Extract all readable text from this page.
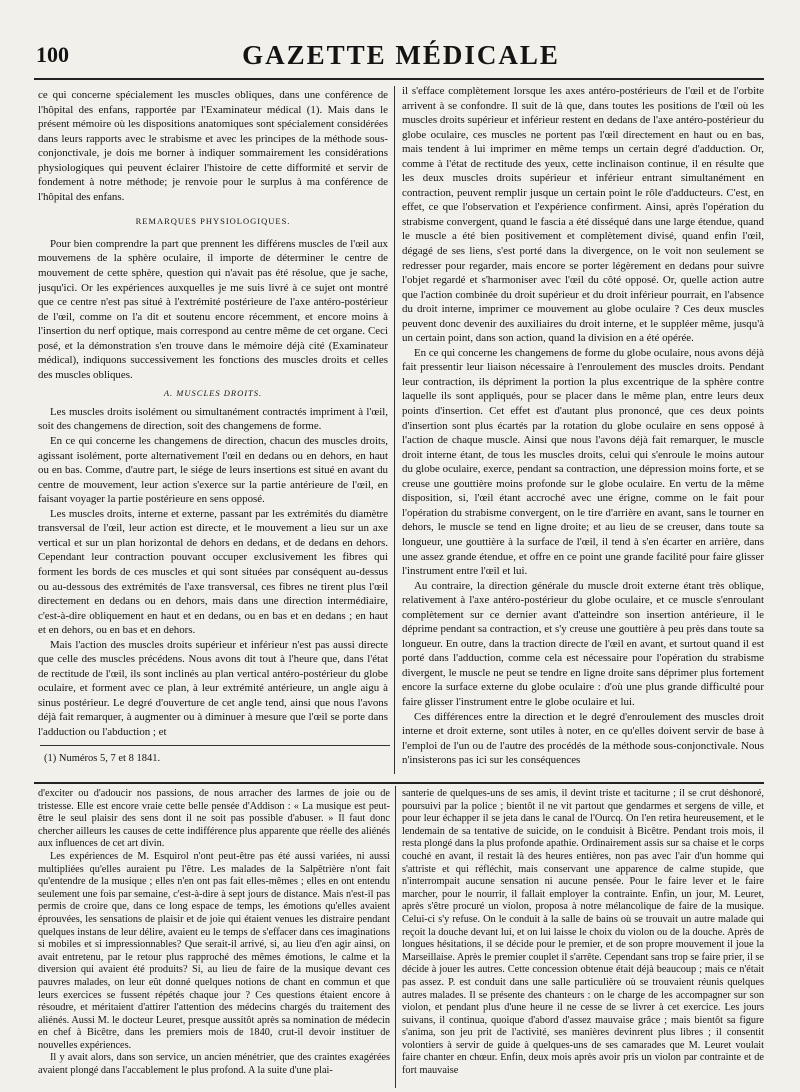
100	GAZETTE MÉDICALE

ce qui concerne spécialement les muscles obliques, dans une conférence de l'hôpital des enfans, rapportée par l'Examinateur médical (1). Mais dans le présent mémoire où les dispositions anatomiques sont spécialement considérées dans leurs rapports avec le strabisme et avec les principes de la méthode sous-conjonctivale, je dois me borner à indiquer sommairement les considérations physiologiques qui peuvent éclairer l'histoire de cette difformité et servir de fondement à notre méthode; je renvoie pour le surplus à ma conférence de l'hôpital des enfans.

REMARQUES PHYSIOLOGIQUES.

Pour bien comprendre la part que prennent les différens muscles de l'œil aux mouvemens de la sphère oculaire, il importe de déterminer le centre de mouvement de cette sphère, question qui n'avait pas été résolue, que je sache, jusqu'ici. Or les expériences auxquelles je me suis livré à ce sujet ont montré que ce centre n'est pas situé à l'extrémité postérieure de l'axe antéro-postérieur de l'œil, comme on l'a dit et soutenu encore récemment, et encore moins à l'insertion du nerf optique, mais correspond au centre même de cet organe. Ceci posé, et la démonstration s'en trouve dans le mémoire déjà cité (Examinateur médical), indiquons successivement les fonctions des muscles droits et celles des muscles obliques.

A. MUSCLES DROITS.

Les muscles droits isolément ou simultanément contractés impriment à l'œil, soit des changemens de direction, soit des changemens de forme.

En ce qui concerne les changemens de direction, chacun des muscles droits, agissant isolément, porte alternativement l'œil en dedans ou en dehors, en haut ou en bas. Comme, d'autre part, le siége de leurs insertions est situé en avant du centre de mouvement, leur action s'exerce sur la partie antérieure de l'œil, en faisant voyager la partie postérieure en sens opposé.

Les muscles droits, interne et externe, passant par les extrémités du diamètre transversal de l'œil, leur action est directe, et le mouvement a lieu sur un axe vertical et sur un plan horizontal de dehors en dedans, et de dedans en dehors. Cependant leur contraction pouvant occuper exclusivement les fibres qui forment les bords de ces muscles et qui sont situées par conséquent au-dessus ou au-dessous des extrémités de l'axe transversal, ces fibres ne tirent plus l'œil directement en dedans ou en dehors, mais dans une direction intermédiaire, c'est-à-dire obliquement en haut et en dedans, ou en bas et en dedans ; en haut et en dehors, ou en bas et en dehors.

Mais l'action des muscles droits supérieur et inférieur n'est pas aussi directe que celle des muscles précédens. Nous avons dit tout à l'heure que, dans l'état de rectitude de l'œil, ils sont inclinés au plan vertical antéro-postérieur du globe oculaire, et forment avec ce plan, à leur extrémité antérieure, un angle aigu à sinus postérieur. Le degré d'ouverture de cet angle tend, ainsi que nous l'avons déjà fait remarquer, à augmenter ou à diminuer à mesure que l'œil se porte dans l'adduction ou l'abduction ; et

il s'efface complètement lorsque les axes antéro-postérieurs de l'œil et de l'orbite arrivent à se confondre. Il suit de là que, dans toutes les positions de l'œil où les muscles droits supérieur et inférieur restent en dedans de l'axe antéro-postérieur du globe oculaire, ces muscles ne portent pas l'œil directement en haut ou en bas, mais tendent à lui imprimer en même temps un certain degré d'adduction. Or, comme à l'état de rectitude des yeux, cette inclinaison continue, il en résulte que les deux muscles droits supérieur et inférieur entrant simultanément en contraction, peuvent remplir jusque un certain point le rôle d'adducteurs. C'est, en effet, ce que l'observation et l'expérience confirment. Ainsi, après l'opération du strabisme convergent, quand le fascia a été disséqué dans une large étendue, quand le muscle a été bien positivement et complètement divisé, quand enfin l'œil, dégagé de ses liens, s'est porté dans la divergence, on le voit non seulement se redresser pour regarder, mais encore se porter légèrement en dedans pour suivre l'objet regardé et s'harmoniser avec l'œil du côté opposé. Or, quelle action autre que l'action combinée du droit supérieur et du droit inférieur pourrait, en l'absence du droit interne, imprimer ce mouvement au globe oculaire ? Ces deux muscles peuvent donc devenir des auxiliaires du droit interne, et le suppléer même, jusqu'à un certain point, dans son action, quand la division en a été opérée.

En ce qui concerne les changemens de forme du globe oculaire, nous avons déjà fait pressentir leur liaison nécessaire à l'enroulement des muscles droits. Pendant leur contraction, ils dépriment la portion la plus excentrique de la sphère contre laquelle ils sont appliqués, pour se placer dans le même plan, entre leurs deux points d'insertion. Cet effet est d'autant plus prononcé, que ces deux points d'insertion sont plus écartés par la rotation du globe oculaire en sens opposé à l'action de chaque muscle. Ainsi que nous l'avons déjà fait remarquer, le muscle droit interne étant, de tous les muscles droits, celui qui s'enroule le moins autour du globe oculaire, exerce, pendant sa contraction, une dépression moins forte, et se creuse une gouttière moins profonde sur le globe oculaire. En vertu de la même disposition, si, l'œil étant accroché avec une érigne, comme on le fait pour l'opération du strabisme convergent, on le tire d'arrière en avant, sans le tourner en dehors, le muscle se tend en ligne droite; et au lieu de se creuser, dans toute sa longueur, une gouttière à la surface de l'œil, il tend à s'en écarter en arrière, dans une assez grande étendue, et offre en ce point une grande facilité pour faire glisser l'instrument entre l'œil et lui.

Au contraire, la direction générale du muscle droit externe étant très oblique, relativement à l'axe antéro-postérieur du globe oculaire, et ce muscle s'enroulant complètement sur ce dernier avant d'atteindre son insertion antérieure, il le déprime pendant sa contraction, et s'y creuse une gouttière à peu près dans toute sa longueur. En outre, dans la traction directe de l'œil en avant, et surtout quand il est porté dans l'adduction, comme cela est nécessaire pour l'opération du strabisme divergent, le muscle ne peut se tendre en ligne droite sans déprimer plus fortement encore la surface externe du globe oculaire : d'où une plus grande difficulté pour faire glisser l'instrument entre le globe oculaire et lui.

Ces différences entre la direction et le degré d'enroulement des muscles droit interne et droit externe, sont utiles à noter, en ce qu'elles doivent servir de base à l'emploi de l'un ou de l'autre des procédés de la méthode sous-conjonctivale. Nous n'insisterons pas ici sur les conséquences

(1) Numéros 5, 7 et 8 1841.

d'exciter ou d'adoucir nos passions, de nous arracher des larmes de joie ou de tristesse. Elle est encore vraie cette belle pensée d'Addison : « La musique est peut-être le seul plaisir des sens dont il ne soit pas possible d'abuser. » Il faut donc chercher ailleurs les causes de cette indifférence plus apparente que réelle des aliénés aux influences de cet art divin.

Les expériences de M. Esquirol n'ont peut-être pas été aussi variées, ni aussi multipliées qu'elles auraient pu l'être. Les malades de la Salpêtrière n'ont fait qu'entendre de la musique ; elles n'en ont pas fait elles-mêmes ; elles en ont entendu seulement une fois par semaine, c'est-à-dire à sept jours de distance. Mais n'est-il pas permis de croire que, dans ce long espace de temps, les émotions qu'elles avaient éprouvées, les sensations de plaisir et de joie qui étaient venues les distraire pendant quelques instans de leur délire, avaient eu le temps de s'effacer dans ces imaginations si mobiles et si impressionnables? Que serait-il arrivé, si, au lieu d'en agir ainsi, on avait entretenu, par le retour plus rapproché des mêmes émotions, le calme et la diversion qui avaient été produits? Si, au lieu de faire de la musique devant ces pauvres malades, on leur eût donné quelques notions de chant en commun et que leurs exercices se fussent répétés chaque jour ? Ces questions étaient encore à résoudre, et méritaient d'attirer l'attention des médecins chargés du traitement des aliénés. Aussi M. le docteur Leuret, presque aussitôt après sa nomination de médecin en chef à Bicêtre, dans les premiers mois de 1840, crut-il devoir instituer de nouvelles expériences.

Il y avait alors, dans son service, un ancien ménétrier, que des craintes exagérées avaient plongé dans l'accablement le plus profond. A la suite d'une plai-

santerie de quelques-uns de ses amis, il devint triste et taciturne ; il se crut déshonoré, poursuivi par la police ; bientôt il ne vit partout que gendarmes et sergens de ville, et pour leur échapper il se jeta dans le canal de l'Ourcq. On l'en retira heureusement, et le lendemain de sa tentative de suicide, on le conduisit à Bicêtre. Pendant trois mois, il resta plongé dans la plus profonde apathie. Ordinairement assis sur sa chaise et le corps couché en avant, il restait là des heures entières, non pas avec l'air d'un homme qui s'attriste et qui réfléchit, mais conservant une apparence de calme stupide, que n'interrompait aucune sensation ni aucune pensée. Pour le faire lever et le faire marcher, pour le nourrir, il fallait employer la contrainte. Enfin, un jour, M. Leuret, après s'être procuré un violon, proposa à notre mélancolique de faire de la musique. Celui-ci s'y refuse. On le conduit à la salle de bains où se trouvait un autre malade qui reçoit la douche devant lui, et on lui laisse le choix du violon ou de la douche. Après de longues hésitations, il se décide pour le premier, et de son propre mouvement il joue la Marseillaise. Après le premier couplet il s'arrête. Cependant sans trop se faire prier, il se décide à jouer les autres. Cette concession obtenue était déjà beaucoup ; mais ce n'était pas assez. P. est conduit dans une salle particulière où se trouvaient réunis quelques autres malades. Il se présente des chanteurs : on le charge de les accompagner sur son violon, et pendant plus d'une heure il ne cesse de se livrer à cet exercice. Les jours suivans, il continua, quoique d'abord d'assez mauvaise grâce ; mais bientôt sa figure s'anima, son jeu prit de l'activité, ses manières devinrent plus libres ; il consentit volontiers à servir de guide à quelques-uns de ses camarades que M. Leuret voulait faire chanter en chœur. Enfin, deux mois après avoir pris un violon par contrainte et de fort mauvaise
